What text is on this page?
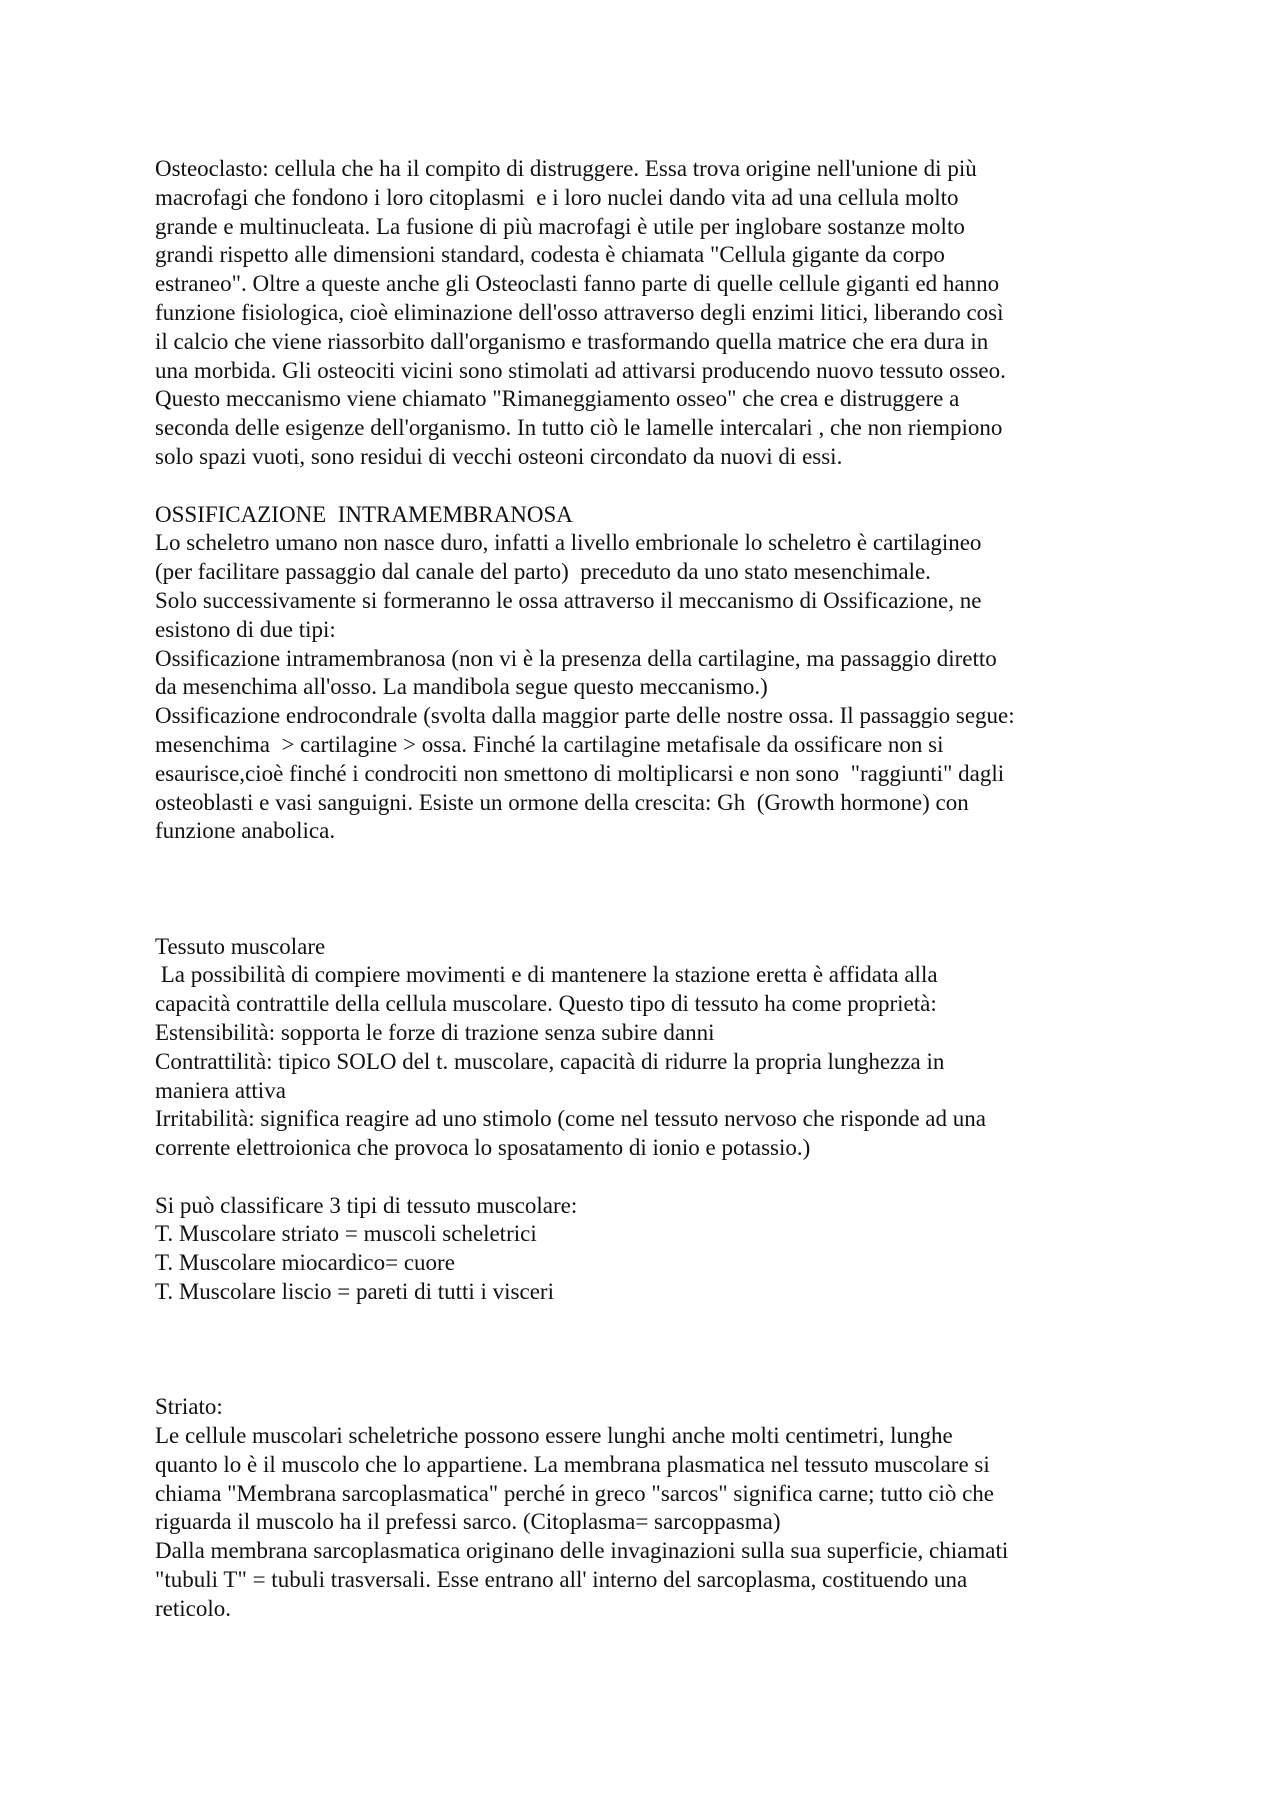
Osteoclasto: cellula che ha il compito di distruggere. Essa trova origine nell'unione di più
macrofagi che fondono i loro citoplasmi  e i loro nuclei dando vita ad una cellula molto
grande e multinucleata. La fusione di più macrofagi è utile per inglobare sostanze molto
grandi rispetto alle dimensioni standard, codesta è chiamata "Cellula gigante da corpo
estraneo". Oltre a queste anche gli Osteoclasti fanno parte di quelle cellule giganti ed hanno
funzione fisiologica, cioè eliminazione dell'osso attraverso degli enzimi litici, liberando così
il calcio che viene riassorbito dall'organismo e trasformando quella matrice che era dura in
una morbida. Gli osteociti vicini sono stimolati ad attivarsi producendo nuovo tessuto osseo.
Questo meccanismo viene chiamato "Rimaneggiamento osseo" che crea e distruggere a
seconda delle esigenze dell'organismo. In tutto ciò le lamelle intercalari , che non riempiono
solo spazi vuoti, sono residui di vecchi osteoni circondato da nuovi di essi.
OSSIFICAZIONE  INTRAMEMBRANOSA
Lo scheletro umano non nasce duro, infatti a livello embrionale lo scheletro è cartilagineo
(per facilitare passaggio dal canale del parto)  preceduto da uno stato mesenchimale.
Solo successivamente si formeranno le ossa attraverso il meccanismo di Ossificazione, ne
esistono di due tipi:
Ossificazione intramembranosa (non vi è la presenza della cartilagine, ma passaggio diretto
da mesenchima all'osso. La mandibola segue questo meccanismo.)
Ossificazione endrocondrale (svolta dalla maggior parte delle nostre ossa. Il passaggio segue:
mesenchima  > cartilagine > ossa. Finché la cartilagine metafisale da ossificare non si
esaurisce,cioè finché i condrociti non smettono di moltiplicarsi e non sono  "raggiunti" dagli
osteoblasti e vasi sanguigni. Esiste un ormone della crescita: Gh  (Growth hormone) con
funzione anabolica.
Tessuto muscolare
La possibilità di compiere movimenti e di mantenere la stazione eretta è affidata alla
capacità contrattile della cellula muscolare. Questo tipo di tessuto ha come proprietà:
Estensibilità: sopporta le forze di trazione senza subire danni
Contrattilità: tipico SOLO del t. muscolare, capacità di ridurre la propria lunghezza in
maniera attiva
Irritabilità: significa reagire ad uno stimolo (come nel tessuto nervoso che risponde ad una
corrente elettroionica che provoca lo sposatamento di ionio e potassio.)
Si può classificare 3 tipi di tessuto muscolare:
T. Muscolare striato = muscoli scheletrici
T. Muscolare miocardico= cuore
T. Muscolare liscio = pareti di tutti i visceri
Striato:
Le cellule muscolari scheletriche possono essere lunghi anche molti centimetri, lunghe
quanto lo è il muscolo che lo appartiene. La membrana plasmatica nel tessuto muscolare si
chiama "Membrana sarcoplasmatica" perché in greco "sarcos" significa carne; tutto ciò che
riguarda il muscolo ha il prefessi sarco. (Citoplasma= sarcoppasma)
Dalla membrana sarcoplasmatica originano delle invaginazioni sulla sua superficie, chiamati
"tubuli T" = tubuli trasversali. Esse entrano all' interno del sarcoplasma, costituendo una
reticolo.
